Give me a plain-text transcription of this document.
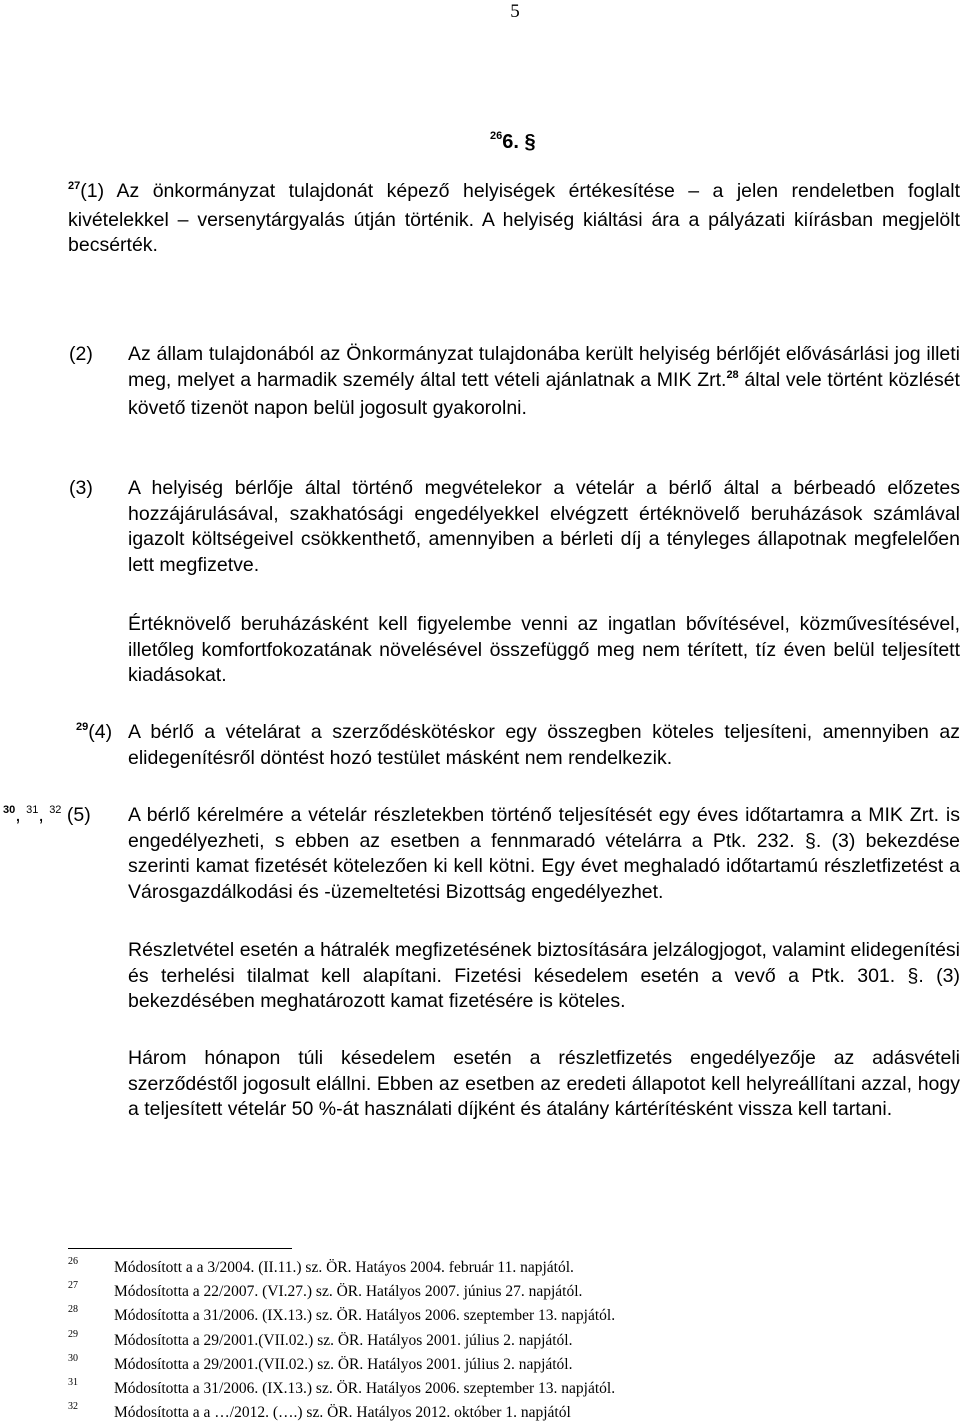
5
$^{26}$6. §
$^{27}$(1) Az önkormányzat tulajdonát képező helyiségek értékesítése – a jelen rendeletben foglalt kivételekkel – versenytárgyalás útján történik. A helyiség kiáltási ára a pályázati kiírásban megjelölt becsérték.
(2) Az állam tulajdonából az Önkormányzat tulajdonába került helyiség bérlőjét elővásárlási jog illeti meg, melyet a harmadik személy által tett vételi ajánlatnak a MIK Zrt.$^{28}$ által vele történt közlését követő tizenöt napon belül jogosult gyakorolni.
(3) A helyiség bérlője által történő megvételekor a vételár a bérlő által a bérbeadó előzetes hozzájárulásával, szakhatósági engedélyekkel elvégzett értéknövelő beruházások számlával igazolt költségeivel csökkenthető, amennyiben a bérleti díj a tényleges állapotnak megfelelően lett megfizetve.
Értéknövelő beruházásként kell figyelembe venni az ingatlan bővítésével, közművesítésével, illetőleg komfortfokozatának növelésével összefüggő meg nem térített, tíz éven belül teljesített kiadásokat.
$^{29}$(4) A bérlő a vételárat a szerződéskötéskor egy összegben köteles teljesíteni, amennyiben az elidegenítésről döntést hozó testület másként nem rendelkezik.
$^{30}$, $^{31}$, $^{32}$ (5) A bérlő kérelmére a vételár részletekben történő teljesítését egy éves időtartamra a MIK Zrt. is engedélyezheti, s ebben az esetben a fennmaradó vételárra a Ptk. 232. §. (3) bekezdése szerinti kamat fizetését kötelezően ki kell kötni. Egy évet meghaladó időtartamú részletfizetést a Városgazdálkodási és -üzemeltetési Bizottság engedélyezhet.
Részletvétel esetén a hátralék megfizetésének biztosítására jelzálogjogot, valamint elidegenítési és terhelési tilalmat kell alapítani. Fizetési késedelem esetén a vevő a Ptk. 301. §. (3) bekezdésében meghatározott kamat fizetésére is köteles.
Három hónapon túli késedelem esetén a részletfizetés engedélyezője az adásvételi szerződéstől jogosult elállni. Ebben az esetben az eredeti állapotot kell helyreállítani azzal, hogy a teljesített vételár 50 %-át használati díjként és átalány kártérítésként vissza kell tartani.
26 Módosított a a 3/2004. (II.11.) sz. ÖR. Hatáyos 2004. február 11. napjától.
27 Módosította a 22/2007. (VI.27.) sz. ÖR. Hatályos 2007. június 27. napjától.
28 Módosította a 31/2006. (IX.13.) sz. ÖR. Hatályos 2006. szeptember 13. napjától.
29 Módosította a 29/2001.(VII.02.) sz. ÖR. Hatályos 2001. július 2. napjától.
30 Módosította a 29/2001.(VII.02.) sz. ÖR. Hatályos 2001. július 2. napjától.
31 Módosította a 31/2006. (IX.13.) sz. ÖR. Hatályos 2006. szeptember 13. napjától.
32 Módosította a a …/2012. (….) sz. ÖR. Hatályos 2012. október 1. napjától
